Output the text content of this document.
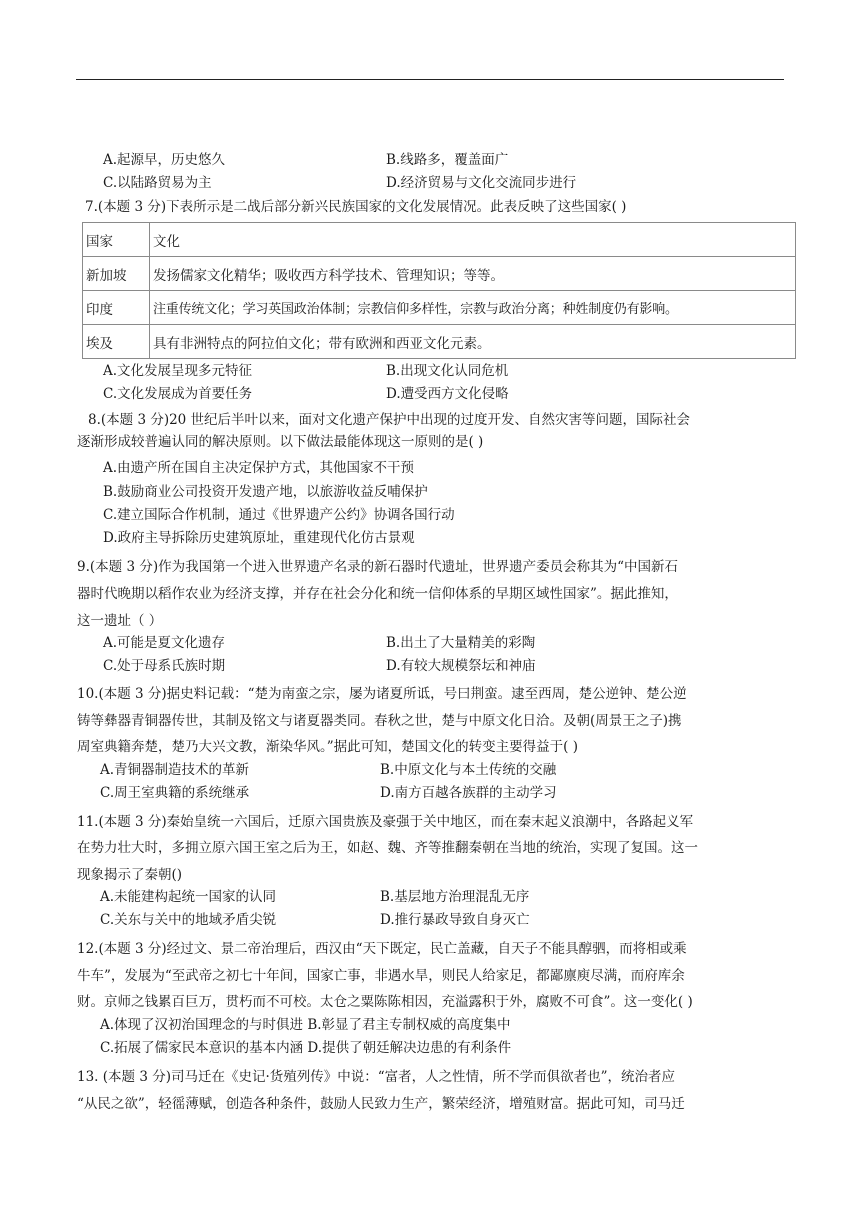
A.起源早，历史悠久	B.线路多，覆盖面广
C.以陆路贸易为主	D.经济贸易与文化交流同步进行
7.(本题 3 分)下表所示是二战后部分新兴民族国家的文化发展情况。此表反映了这些国家( )
国家	文化
新加坡	发扬儒家文化精华；吸收西方科学技术、管理知识；等等。
印度	注重传统文化；学习英国政治体制；宗教信仰多样性，宗教与政治分离；种姓制度仍有影响。
埃及	具有非洲特点的阿拉伯文化；带有欧洲和西亚文化元素。
A.文化发展呈现多元特征	B.出现文化认同危机
C.文化发展成为首要任务	D.遭受西方文化侵略
8.(本题 3 分)20 世纪后半叶以来，面对文化遗产保护中出现的过度开发、自然灾害等问题，国际社会
逐渐形成较普遍认同的解决原则。以下做法最能体现这一原则的是( )
A.由遗产所在国自主决定保护方式，其他国家不干预
B.鼓励商业公司投资开发遗产地，以旅游收益反哺保护
C.建立国际合作机制，通过《世界遗产公约》协调各国行动
D.政府主导拆除历史建筑原址，重建现代化仿古景观
9.(本题 3 分)作为我国第一个进入世界遗产名录的新石器时代遗址，世界遗产委员会称其为“中国新石
器时代晚期以稻作农业为经济支撑，并存在社会分化和统一信仰体系的早期区域性国家”。据此推知，
这一遗址（ ）
A.可能是夏文化遗存	B.出土了大量精美的彩陶
C.处于母系氏族时期	D.有较大规模祭坛和神庙
10.(本题 3 分)据史料记载：“楚为南蛮之宗，屡为诸夏所诋，号曰荆蛮。逮至西周，楚公逆钟、楚公逆
铸等彝器青铜器传世，其制及铭文与诸夏器类同。春秋之世，楚与中原文化日洽。及朝(周景王之子)携
周室典籍奔楚，楚乃大兴文教，渐染华风。”据此可知，楚国文化的转变主要得益于( )
A.青铜器制造技术的革新	B.中原文化与本土传统的交融
C.周王室典籍的系统继承	D.南方百越各族群的主动学习
11.(本题 3 分)秦始皇统一六国后，迁原六国贵族及豪强于关中地区，而在秦末起义浪潮中，各路起义军
在势力壮大时，多拥立原六国王室之后为王，如赵、魏、齐等推翻秦朝在当地的统治，实现了复国。这一
现象揭示了秦朝()
A.未能建构起统一国家的认同	B.基层地方治理混乱无序
C.关东与关中的地域矛盾尖锐	D.推行暴政导致自身灭亡
12.(本题 3 分)经过文、景二帝治理后，西汉由“天下既定，民亡盖藏，自天子不能具醇驷，而将相或乘
牛车”，发展为“至武帝之初七十年间，国家亡事，非遇水旱，则民人给家足，都鄙廪庾尽满，而府库余
财。京师之钱累百巨万，贯朽而不可校。太仓之粟陈陈相因，充溢露积于外，腐败不可食”。这一变化( )
A.体现了汉初治国理念的与时俱进 B.彰显了君主专制权威的高度集中
C.拓展了儒家民本意识的基本内涵 D.提供了朝廷解决边患的有利条件
13. (本题 3 分)司马迁在《史记·货殖列传》中说：“富者，人之性情，所不学而俱欲者也”，统治者应
“从民之欲”，轻徭薄赋，创造各种条件，鼓励人民致力生产，繁荣经济，增殖财富。据此可知，司马迁
